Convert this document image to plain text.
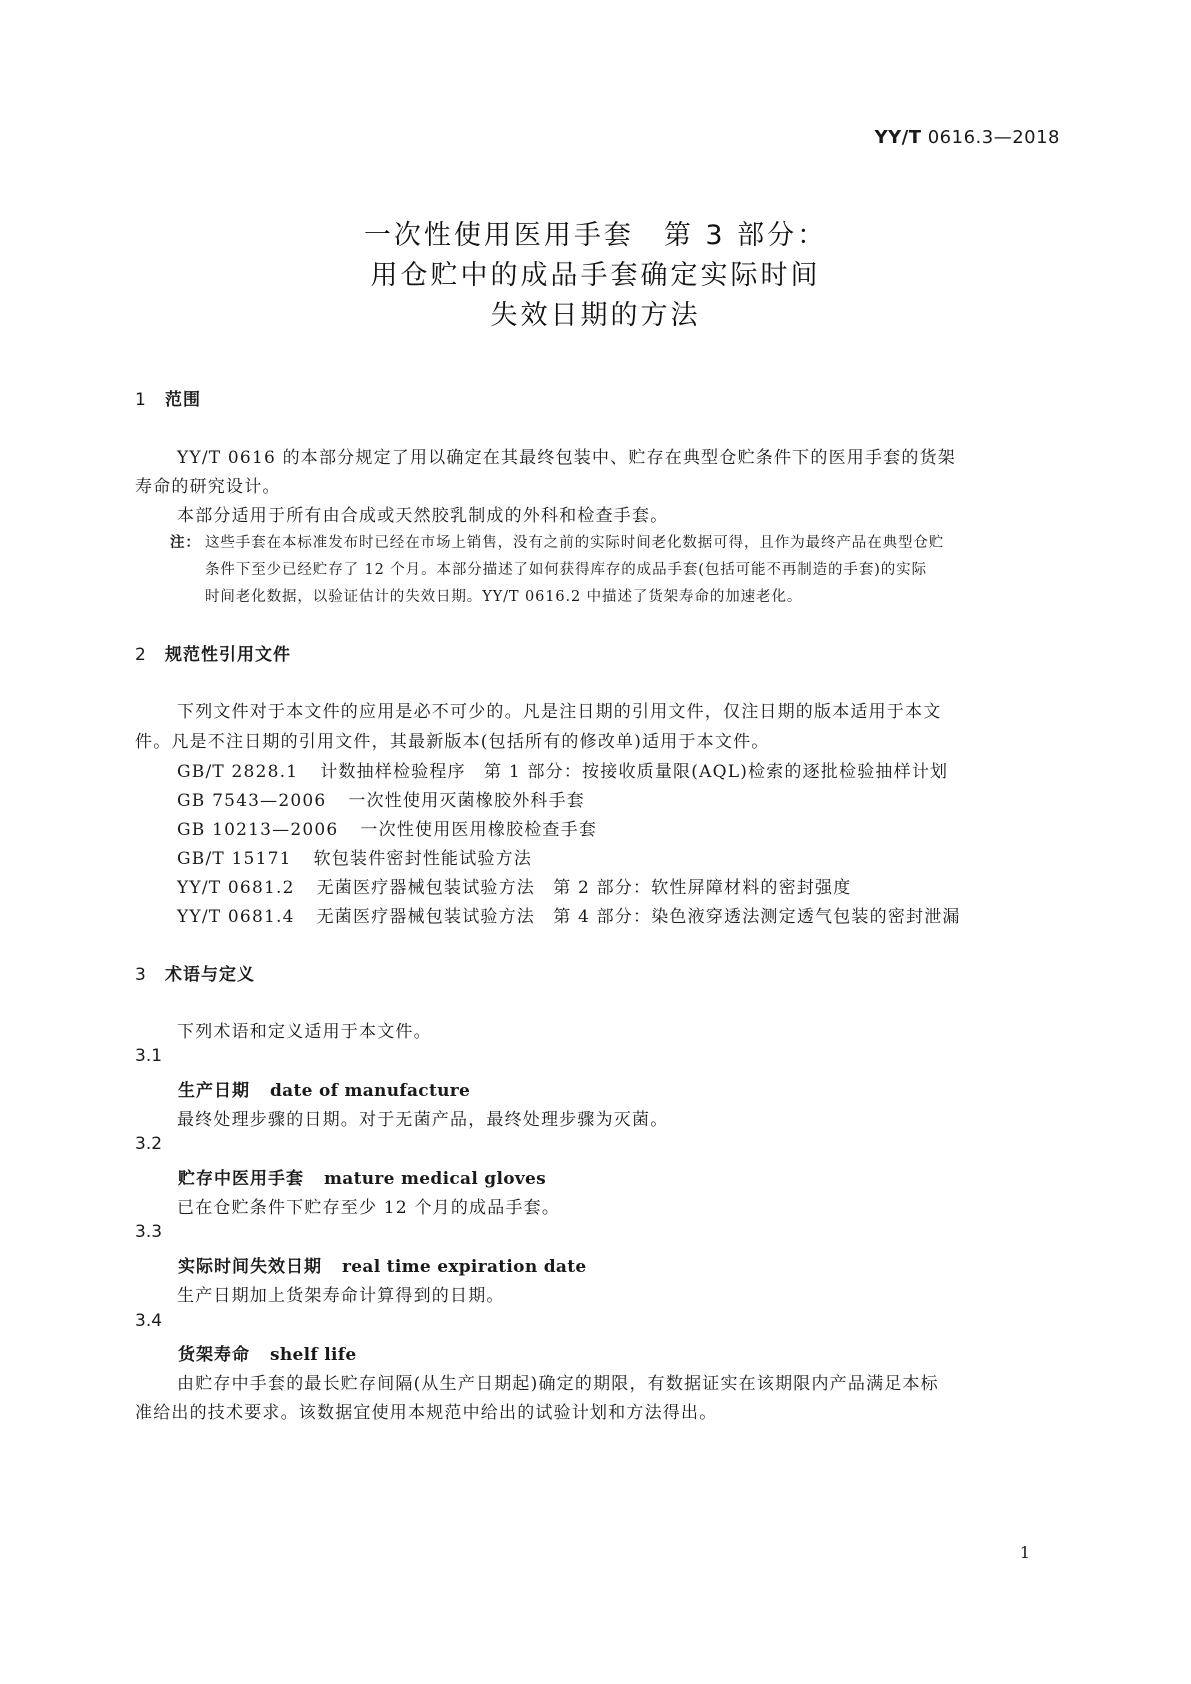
YY/T 0616.3—2018
一次性使用医用手套　第 3 部分：
用仓贮中的成品手套确定实际时间
失效日期的方法
1 范围
YY/T 0616 的本部分规定了用以确定在其最终包装中、贮存在典型仓贮条件下的医用手套的货架
寿命的研究设计。
本部分适用于所有由合成或天然胶乳制成的外科和检查手套。
注： 这些手套在本标准发布时已经在市场上销售，没有之前的实际时间老化数据可得，且作为最终产品在典型仓贮
条件下至少已经贮存了 12 个月。本部分描述了如何获得库存的成品手套(包括可能不再制造的手套)的实际
时间老化数据，以验证估计的失效日期。YY/T 0616.2 中描述了货架寿命的加速老化。
2 规范性引用文件
下列文件对于本文件的应用是必不可少的。凡是注日期的引用文件，仅注日期的版本适用于本文
件。凡是不注日期的引用文件，其最新版本(包括所有的修改单)适用于本文件。
GB/T 2828.1 计数抽样检验程序　第 1 部分：按接收质量限(AQL)检索的逐批检验抽样计划
GB 7543—2006 一次性使用灭菌橡胶外科手套
GB 10213—2006 一次性使用医用橡胶检查手套
GB/T 15171 软包装件密封性能试验方法
YY/T 0681.2 无菌医疗器械包装试验方法　第 2 部分：软性屏障材料的密封强度
YY/T 0681.4 无菌医疗器械包装试验方法　第 4 部分：染色液穿透法测定透气包装的密封泄漏
3 术语与定义
下列术语和定义适用于本文件。
3.1
生产日期 date of manufacture
最终处理步骤的日期。对于无菌产品，最终处理步骤为灭菌。
3.2
贮存中医用手套 mature medical gloves
已在仓贮条件下贮存至少 12 个月的成品手套。
3.3
实际时间失效日期 real time expiration date
生产日期加上货架寿命计算得到的日期。
3.4
货架寿命 shelf life
由贮存中手套的最长贮存间隔(从生产日期起)确定的期限，有数据证实在该期限内产品满足本标
准给出的技术要求。该数据宜使用本规范中给出的试验计划和方法得出。
1
